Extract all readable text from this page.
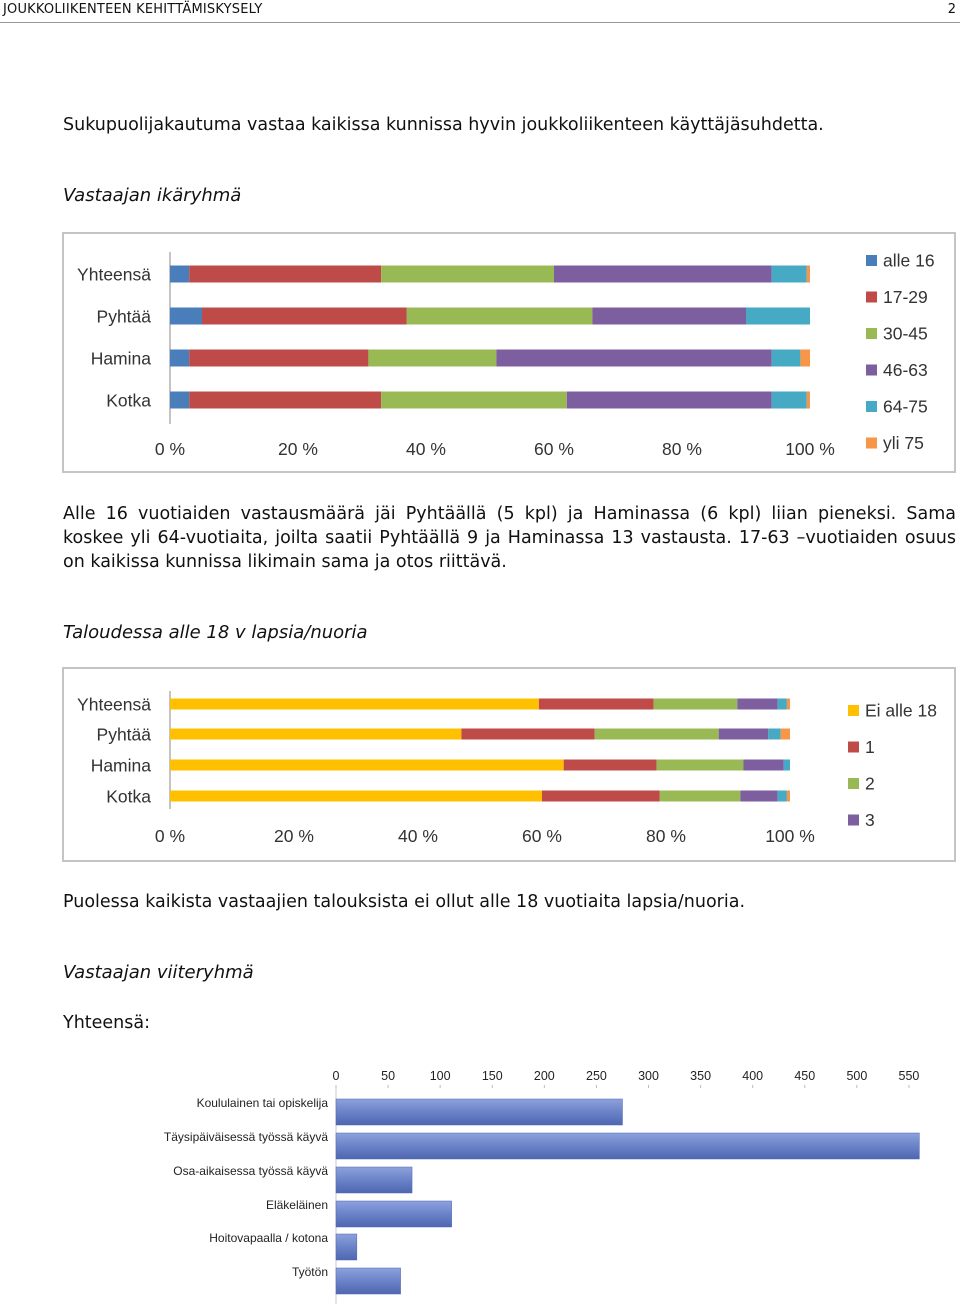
JOUKKOLIIKENTEEN KEHITTÄMISKYSELY	2
Sukupuolijakautuma vastaa kaikissa kunnissa hyvin joukkoliikenteen käyttäjäsuhdetta.
Vastaajan ikäryhmä
Yhteensä
Pyhtää
Hamina
Kotka
0 %	20 %	40 %	60 %	80 %	100 %
alle 16
17-29
30-45
46-63
64-75
yli 75
Alle 16 vuotiaiden vastausmäärä jäi Pyhtäällä (5 kpl) ja Haminassa (6 kpl) liian pieneksi. Sama koskee yli 64-vuotiaita, joilta saatii Pyhtäällä 9 ja Haminassa 13 vastausta. 17-63 –vuotiaiden osuus on kaikissa kunnissa likimain sama ja otos riittävä.
Taloudessa alle 18 v lapsia/nuoria
Yhteensä
Pyhtää
Hamina
Kotka
0 %	20 %	40 %	60 %	80 %	100 %
Ei alle 18
1
2
3
Puolessa kaikista vastaajien talouksista ei ollut alle 18 vuotiaita lapsia/nuoria.
Vastaajan viiteryhmä
Yhteensä:
0	50	100 150 200 250 300 350 400 450 500 550
Koululainen tai opiskelija
Täysipäiväisessä työssä käyvä
Osa-aikaisessa työssä käyvä
Eläkeläinen
Hoitovapaalla / kotona
Työtön
